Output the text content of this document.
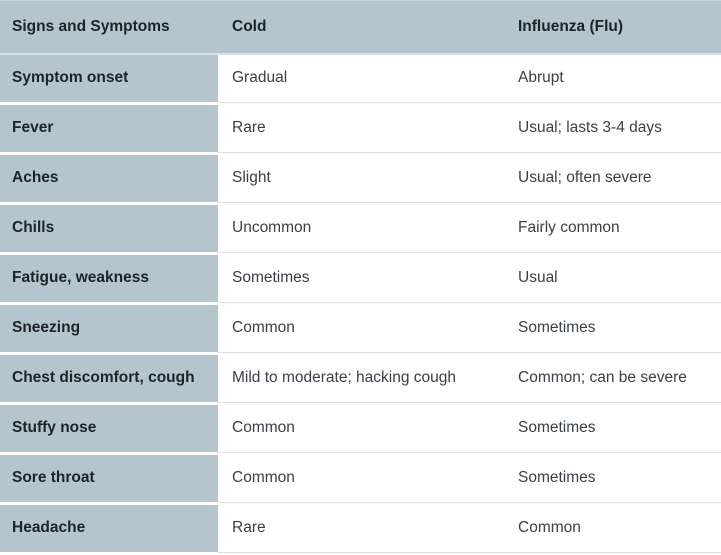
Signs and Symptoms	Cold	Influenza (Flu)
Symptom onset	Gradual	Abrupt
Fever	Rare	Usual; lasts 3-4 days
Aches	Slight	Usual; often severe
Chills	Uncommon	Fairly common
Fatigue, weakness	Sometimes	Usual
Sneezing	Common	Sometimes
Chest discomfort, cough	Mild to moderate; hacking cough	Common; can be severe
Stuffy nose	Common	Sometimes
Sore throat	Common	Sometimes
Headache	Rare	Common
